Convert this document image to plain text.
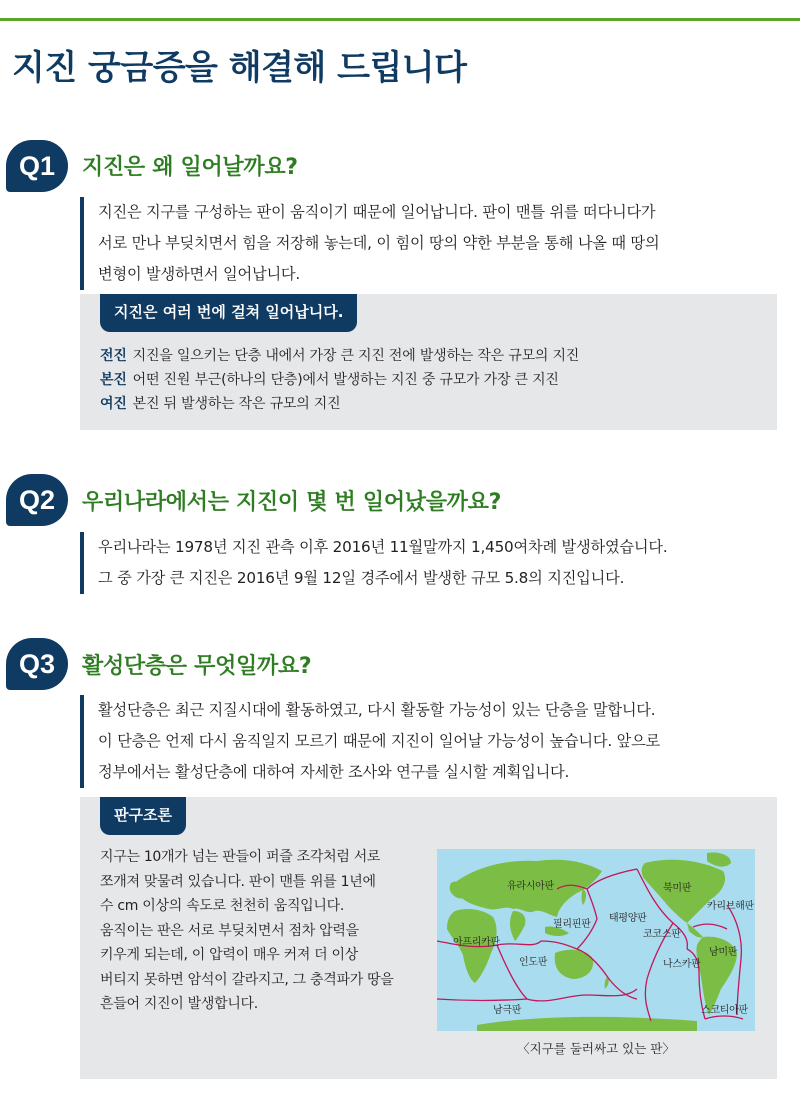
지진 궁금증을 해결해 드립니다
Q1	지진은 왜 일어날까요?

지진은 지구를 구성하는 판이 움직이기 때문에 일어납니다. 판이 맨틀 위를 떠다니다가

서로 만나 부딪치면서 힘을 저장해 놓는데, 이 힘이 땅의 약한 부분을 통해 나올 때 땅의

변형이 발생하면서 일어납니다.

지진은 여러 번에 걸쳐 일어납니다.
전진 지진을 일으키는 단층 내에서 가장 큰 지진 전에 발생하는 작은 규모의 지진
본진 어떤 진원 부근(하나의 단층)에서 발생하는 지진 중 규모가 가장 큰 지진
여진 본진 뒤 발생하는 작은 규모의 지진
Q2	우리나라에서는 지진이 몇 번 일어났을까요?

우리나라는 1978년 지진 관측 이후 2016년 11월말까지 1,450여차례 발생하였습니다.

그 중 가장 큰 지진은 2016년 9월 12일 경주에서 발생한 규모 5.8의 지진입니다.

Q3	활성단층은 무엇일까요?

활성단층은 최근 지질시대에 활동하였고, 다시 활동할 가능성이 있는 단층을 말합니다.

이 단층은 언제 다시 움직일지 모르기 때문에 지진이 일어날 가능성이 높습니다. 앞으로

정부에서는 활성단층에 대하여 자세한 조사와 연구를 실시할 계획입니다.

판구조론

지구는 10개가 넘는 판들이 퍼즐 조각처럼 서로

쪼개져 맞물려 있습니다. 판이 맨틀 위를 1년에

수 cm 이상의 속도로 천천히 움직입니다.

움직이는 판은 서로 부딪치면서 점차 압력을

키우게 되는데, 이 압력이 매우 커져 더 이상

버티지 못하면 암석이 갈라지고, 그 충격파가 땅을

흔들어 지진이 발생합니다.

유라시아판	북미판
카리브해판
필리핀판
태평양판
코코스판
아프리카판
남미판
인도판	나스카판
남극판	스코티아판
〈지구를 둘러싸고 있는 판〉
